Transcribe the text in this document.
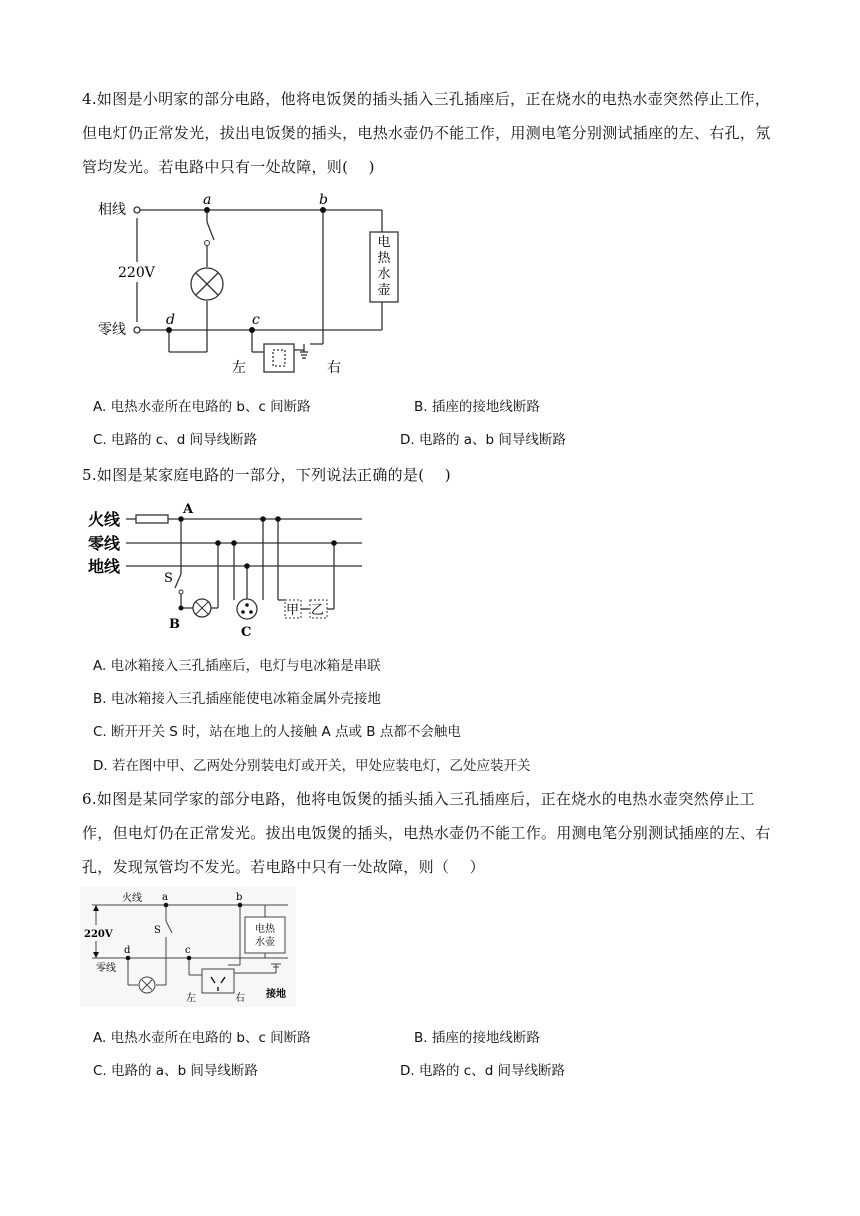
4.如图是小明家的部分电路，他将电饭煲的插头插入三孔插座后，正在烧水的电热水壶突然停止工作，但电灯仍正常发光，拔出电饭煲的插头，电热水壶仍不能工作，用测电笔分别测试插座的左、右孔，氖管均发光。若电路中只有一处故障，则(　 )
电
热
水
壶
相线
零线
220V
a	b
c
d
左	右
A. 电热水壶所在电路的 b、c 间断路	B. 插座的接地线断路
C. 电路的 c、d 间导线断路	D. 电路的 a、b 间导线断路
5.如图是某家庭电路的一部分，下列说法正确的是(　 )
火线
零线
地线
A
B
C
S
甲 乙
A. 电冰箱接入三孔插座后，电灯与电冰箱是串联
B. 电冰箱接入三孔插座能使电冰箱金属外壳接地
C. 断开开关 S 时，站在地上的人接触 A 点或 B 点都不会触电
D. 若在图中甲、乙两处分别装电灯或开关，甲处应装电灯，乙处应装开关
6.如图是某同学家的部分电路，他将电饭煲的插头插入三孔插座后，正在烧水的电热水壶突然停止工作，但电灯仍在正常发光。拔出电饭煲的插头，电热水壶仍不能工作。用测电笔分别测试插座的左、右孔，发现氖管均不发光。若电路中只有一处故障，则（　 ）
火线
220V
零线
a	b
c
d
S	电热
水壶
左	右 接地
A. 电热水壶所在电路的 b、c 间断路	B. 插座的接地线断路
C. 电路的 a、b 间导线断路	D. 电路的 c、d 间导线断路
